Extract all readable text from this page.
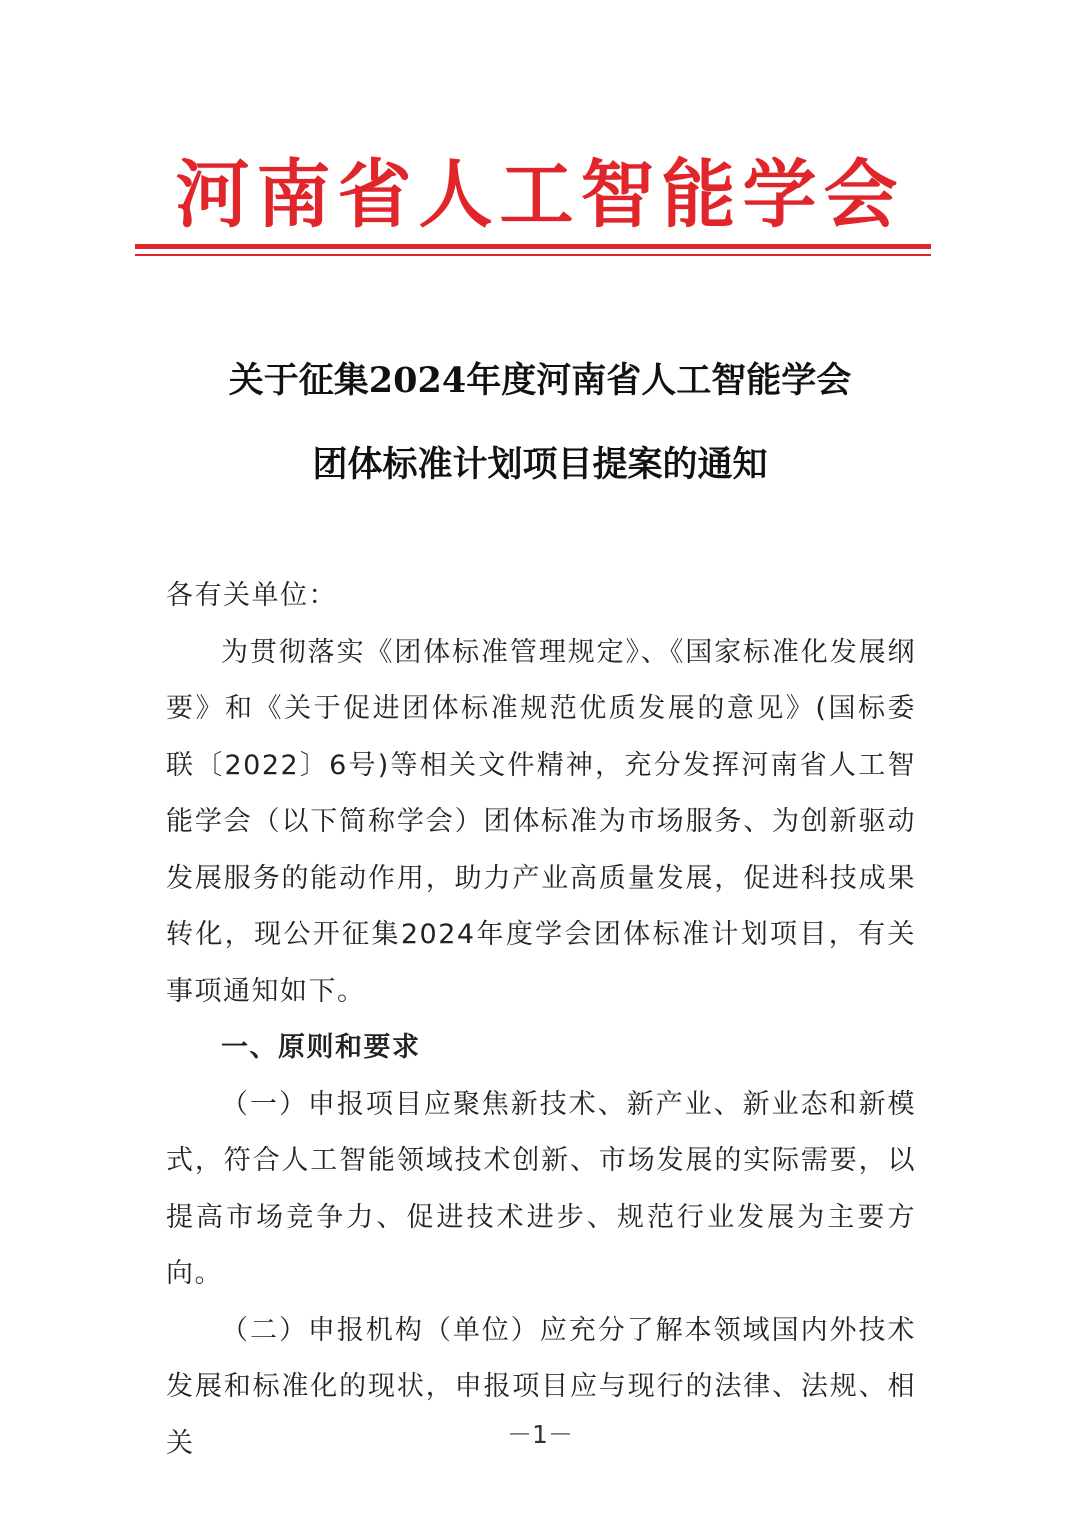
河南省人工智能学会
关于征集2024年度河南省人工智能学会
团体标准计划项目提案的通知

各有关单位：

为贯彻落实《团体标准管理规定》、《国家标准化发展纲要》和《关于促进团体标准规范优质发展的意见》(国标委联〔2022〕6号)等相关文件精神，充分发挥河南省人工智能学会（以下简称学会）团体标准为市场服务、为创新驱动发展服务的能动作用，助力产业高质量发展，促进科技成果转化，现公开征集2024年度学会团体标准计划项目，有关事项通知如下。

一、原则和要求

（一）申报项目应聚焦新技术、新产业、新业态和新模式，符合人工智能领域技术创新、市场发展的实际需要，以提高市场竞争力、促进技术进步、规范行业发展为主要方向。

（二）申报机构（单位）应充分了解本领域国内外技术发展和标准化的现状，申报项目应与现行的法律、法规、相关	－1－
